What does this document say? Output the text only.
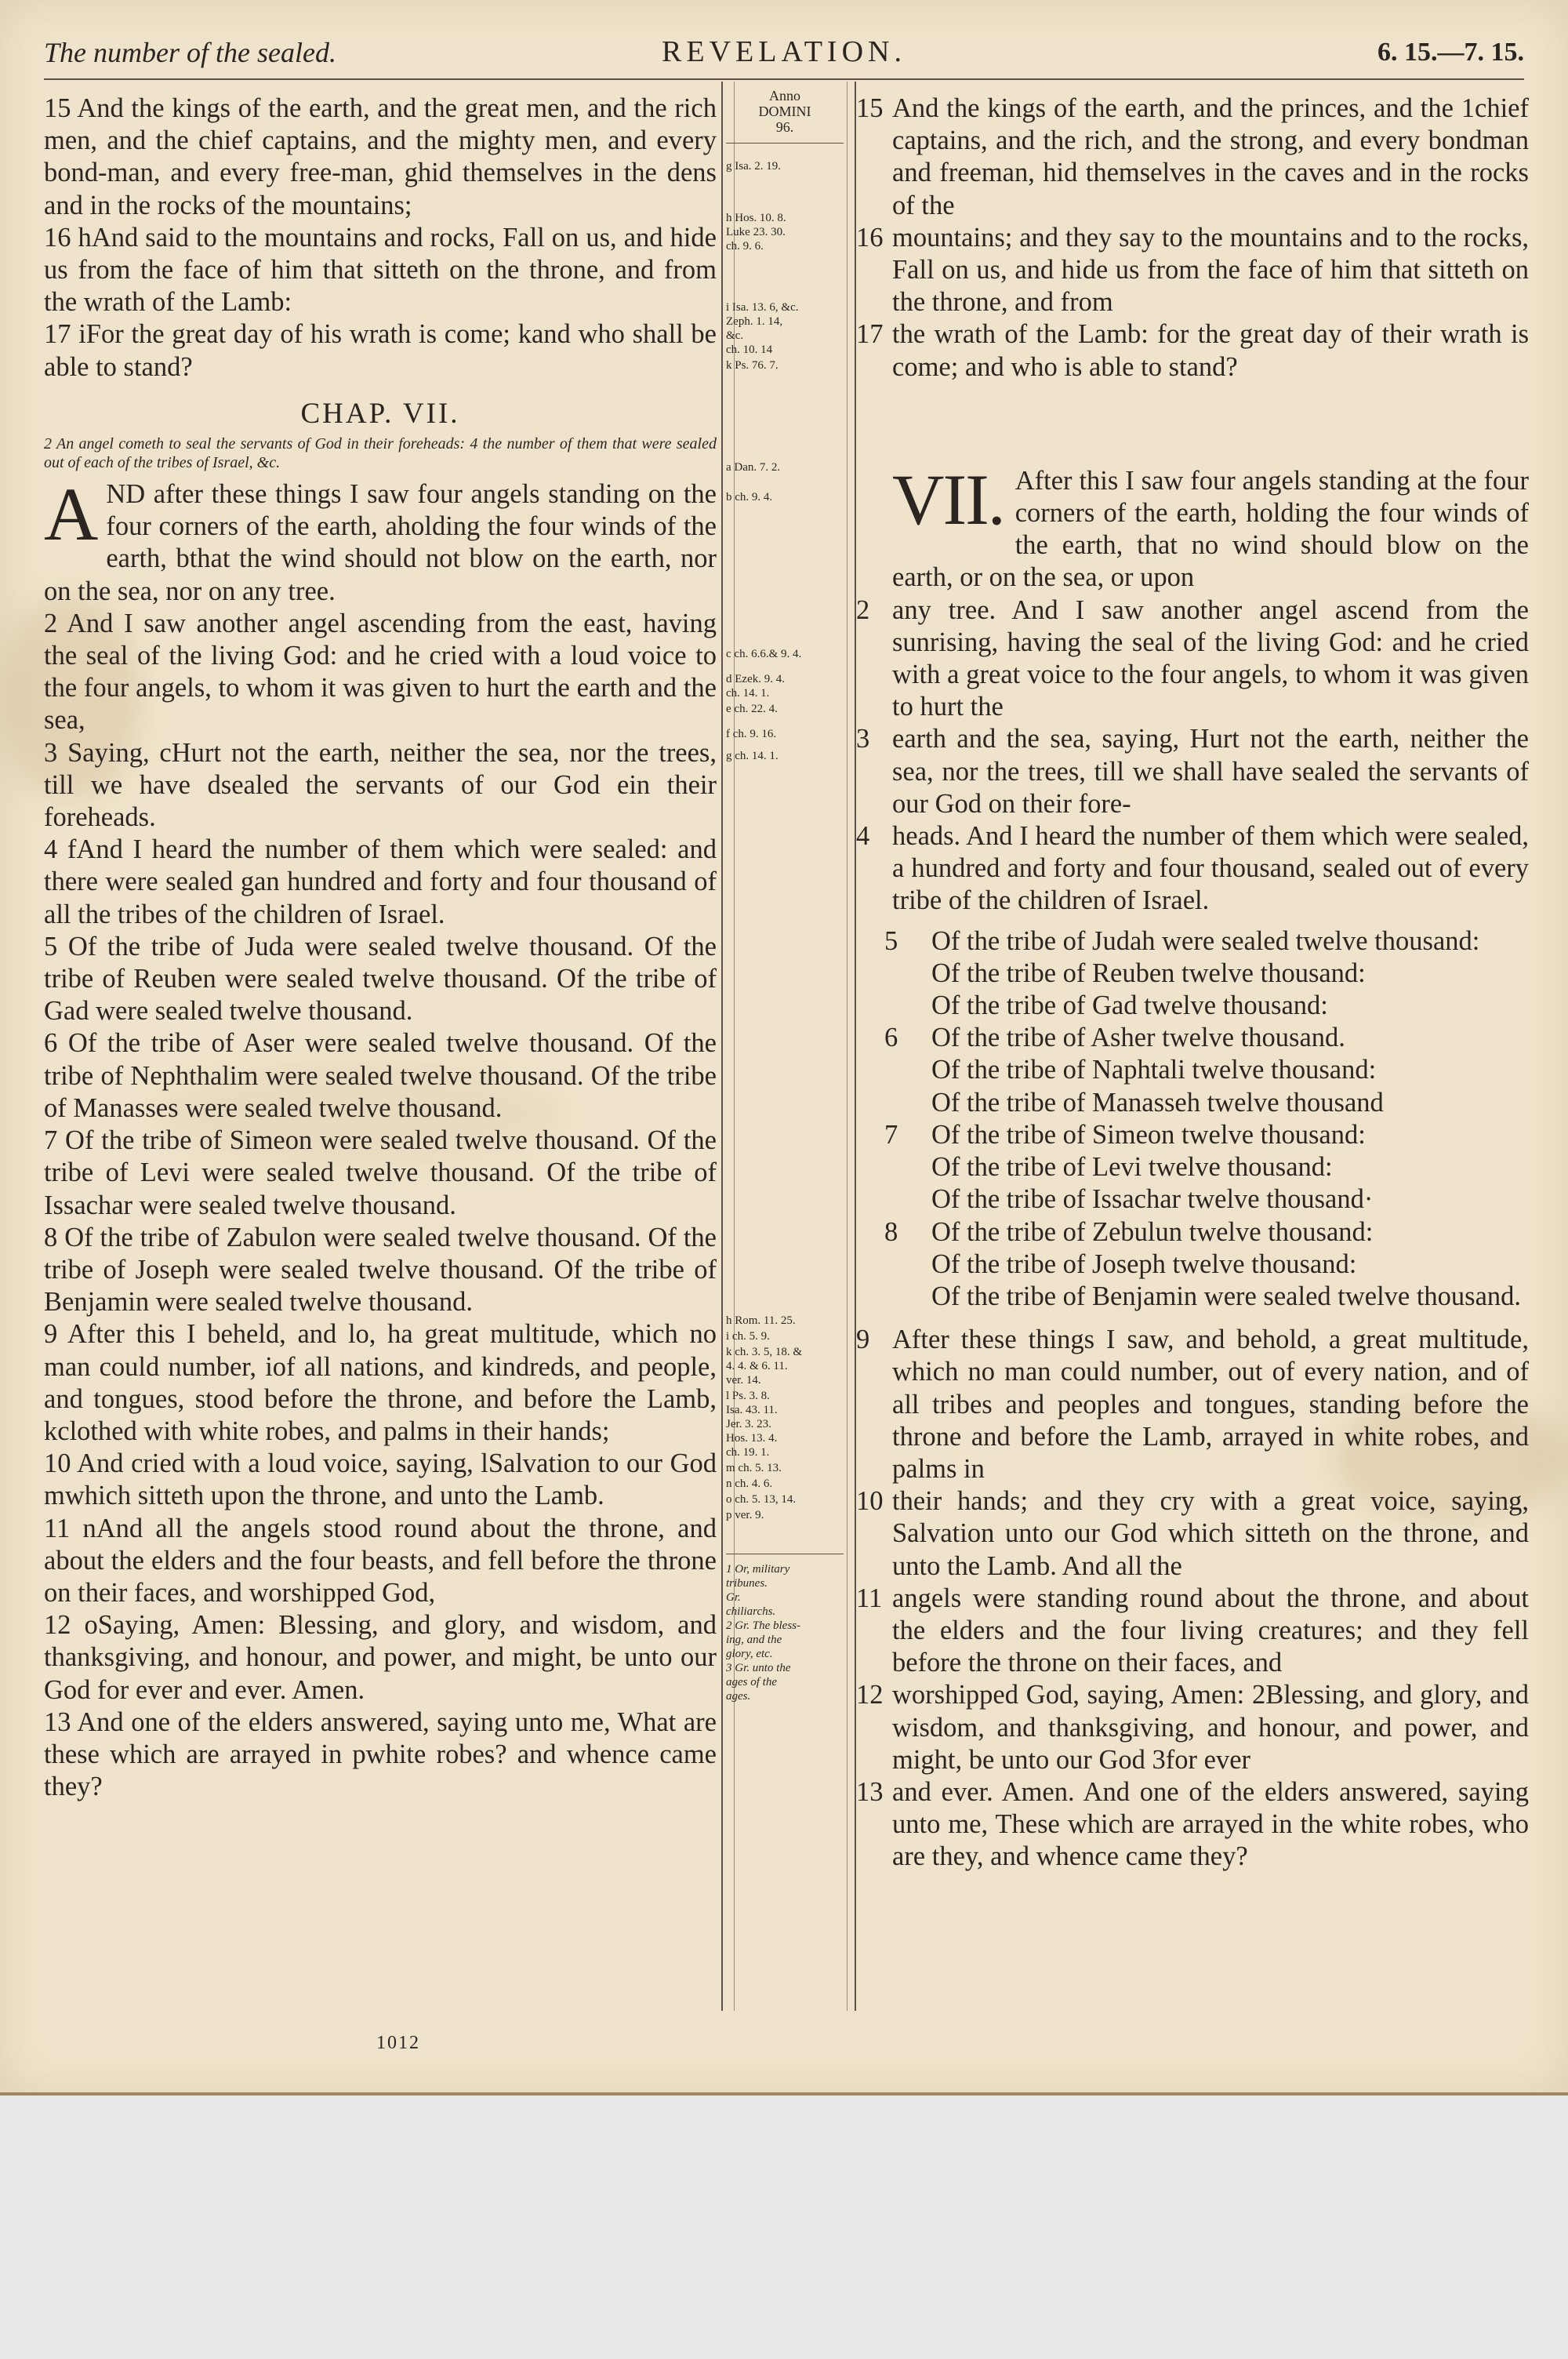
The number of the sealed.	REVELATION.	6. 15.—7. 15.

15 And the kings of the earth, and the great men, and the rich men, and the chief captains, and the mighty men, and every bond-man, and every free-man, ghid themselves in the dens and in the rocks of the mountains;

16 hAnd said to the mountains and rocks, Fall on us, and hide us from the face of him that sitteth on the throne, and from the wrath of the Lamb:

17 iFor the great day of his wrath is come; kand who shall be able to stand?

CHAP. VII.

2 An angel cometh to seal the servants of God in their foreheads: 4 the number of them that were sealed out of each of the tribes of Israel, &c.

AND after these things I saw four angels standing on the four corners of the earth, aholding the four winds of the earth, bthat the wind should not blow on the earth, nor on the sea, nor on any tree.

2 And I saw another angel ascending from the east, having the seal of the living God: and he cried with a loud voice to the four angels, to whom it was given to hurt the earth and the sea,

3 Saying, cHurt not the earth, neither the sea, nor the trees, till we have dsealed the servants of our God ein their foreheads.

4 fAnd I heard the number of them which were sealed: and there were sealed gan hundred and forty and four thousand of all the tribes of the children of Israel.

5 Of the tribe of Juda were sealed twelve thousand. Of the tribe of Reuben were sealed twelve thousand. Of the tribe of Gad were sealed twelve thousand.

6 Of the tribe of Aser were sealed twelve thousand. Of the tribe of Nephthalim were sealed twelve thousand. Of the tribe of Manasses were sealed twelve thousand.

7 Of the tribe of Simeon were sealed twelve thousand. Of the tribe of Levi were sealed twelve thousand. Of the tribe of Issachar were sealed twelve thousand.

8 Of the tribe of Zabulon were sealed twelve thousand. Of the tribe of Joseph were sealed twelve thousand. Of the tribe of Benjamin were sealed twelve thousand.

9 After this I beheld, and lo, ha great multitude, which no man could number, iof all nations, and kindreds, and people, and tongues, stood before the throne, and before the Lamb, kclothed with white robes, and palms in their hands;

10 And cried with a loud voice, saying, lSalvation to our God mwhich sitteth upon the throne, and unto the Lamb.

11 nAnd all the angels stood round about the throne, and about the elders and the four beasts, and fell before the throne on their faces, and worshipped God,

12 oSaying, Amen: Blessing, and glory, and wisdom, and thanksgiving, and honour, and power, and might, be unto our God for ever and ever. Amen.

13 And one of the elders answered, saying unto me, What are these which are arrayed in pwhite robes? and whence came they?

Anno
DOMINI
96.

g Isa. 2. 19.

h Hos. 10. 8.
Luke 23. 30.
ch. 9. 6.

i Isa. 13. 6, &c.
Zeph. 1. 14,
&c.
ch. 10. 14

k Ps. 76. 7.

a Dan. 7. 2.

b ch. 9. 4.

c ch. 6.6.& 9. 4.

d Ezek. 9. 4.
ch. 14. 1.

e ch. 22. 4.

f ch. 9. 16.

g ch. 14. 1.

h Rom. 11. 25.

i ch. 5. 9.

k ch. 3. 5, 18. &
4. 4. & 6. 11.
ver. 14.

l Ps. 3. 8.
Isa. 43. 11.
Jer. 3. 23.
Hos. 13. 4.
ch. 19. 1.

m ch. 5. 13.

n ch. 4. 6.

o ch. 5. 13, 14.

p ver. 9.

1 Or, military
tribunes.
Gr.
chiliarchs.
2 Gr. The bless-
ing, and the
glory, etc.
3 Gr. unto the
ages of the
ages.

15 And the kings of the earth, and the princes, and the 1chief captains, and the rich, and the strong, and every bondman and freeman, hid themselves in the caves and in the rocks of the

16 mountains; and they say to the mountains and to the rocks, Fall on us, and hide us from the face of him that sitteth on the throne, and from

17 the wrath of the Lamb: for the great day of their wrath is come; and who is able to stand?

VII. After this I saw four angels standing at the four corners of the earth, holding the four winds of the earth, that no wind should blow on the earth, or on the sea, or upon

2 any tree. And I saw another angel ascend from the sunrising, having the seal of the living God: and he cried with a great voice to the four angels, to whom it was given to hurt the

3 earth and the sea, saying, Hurt not the earth, neither the sea, nor the trees, till we shall have sealed the servants of our God on their fore-

4 heads. And I heard the number of them which were sealed, a hundred and forty and four thousand, sealed out of every tribe of the children of Israel.

5 Of the tribe of Judah were sealed twelve thousand:

Of the tribe of Reuben twelve thousand:

Of the tribe of Gad twelve thousand:

6 Of the tribe of Asher twelve thousand.

Of the tribe of Naphtali twelve thousand:

Of the tribe of Manasseh twelve thousand

7 Of the tribe of Simeon twelve thousand:

Of the tribe of Levi twelve thousand:

Of the tribe of Issachar twelve thousand·

8 Of the tribe of Zebulun twelve thousand:

Of the tribe of Joseph twelve thousand:

Of the tribe of Benjamin were sealed twelve thousand.

9 After these things I saw, and behold, a great multitude, which no man could number, out of every nation, and of all tribes and peoples and tongues, standing before the throne and before the Lamb, arrayed in white robes, and palms in

10 their hands; and they cry with a great voice, saying, Salvation unto our God which sitteth on the throne, and unto the Lamb. And all the

11 angels were standing round about the throne, and about the elders and the four living creatures; and they fell before the throne on their faces, and

12 worshipped God, saying, Amen: 2Blessing, and glory, and wisdom, and thanksgiving, and honour, and power, and might, be unto our God 3for ever

13 and ever. Amen. And one of the elders answered, saying unto me, These which are arrayed in the white robes, who are they, and whence came they?

1012
